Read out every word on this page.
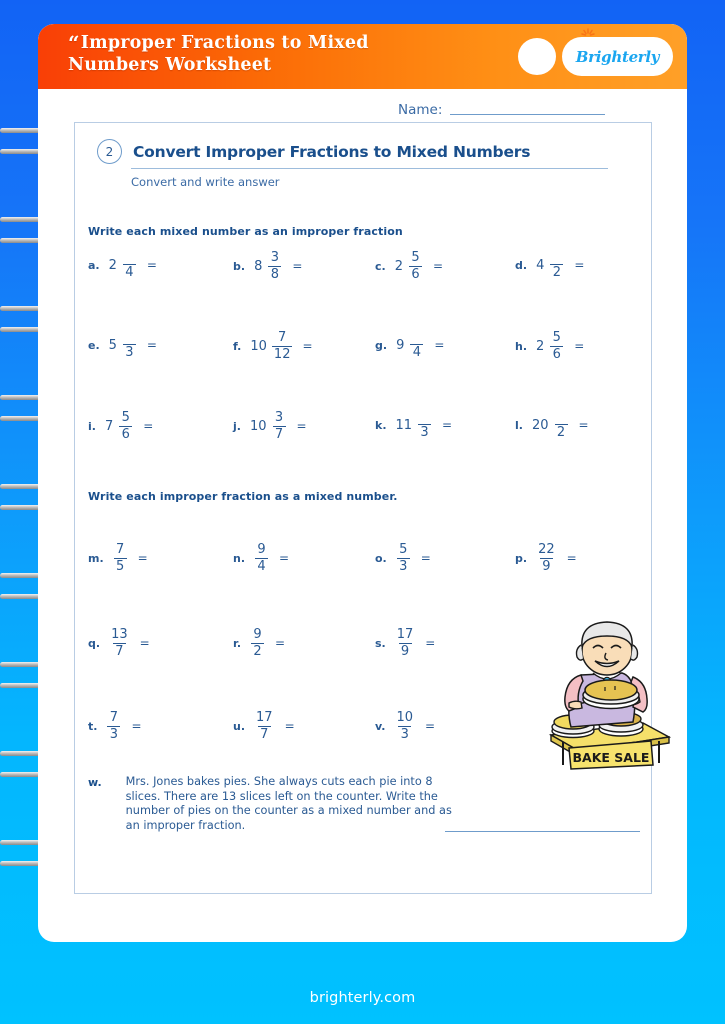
“Improper Fractions to Mixed
Numbers Worksheet	Brighterly
Name:
2	Convert Improper Fractions to Mixed Numbers
Convert and write answer
Write each mixed number as an improper fraction
Write each improper fraction as a mixed number.
a. 2 4 =	b. $8 \frac{3}{8}$ =	c. $2 \frac{5}{6}$ =	d. 4 2 =
e. 5 3 =	f. $10 \frac{7}{12}$ =	g. 9 4 =	h. $2 \frac{5}{6}$ =
i. $7 \frac{5}{6}$ =	j. $10 \frac{3}{7}$ =	k. 11 3 =	l. 20 2 =
m. $\frac{7}{5}$ =	n. $\frac{9}{4}$ =	o. $\frac{5}{3}$ =	p. $\frac{22}{9}$ =
q. $\frac{13}{7}$ =	r. $\frac{9}{2}$ =	s. $\frac{17}{9}$ =
t. $\frac{7}{3}$ =	u. $\frac{17}{7}$ =	v. $\frac{10}{3}$ =
BAKE SALE
w. Mrs. Jones bakes pies. She always cuts each pie into 8 slices. There are 13 slices left on the counter. Write the number of pies on the counter as a mixed number and as an improper fraction.
brighterly.com
